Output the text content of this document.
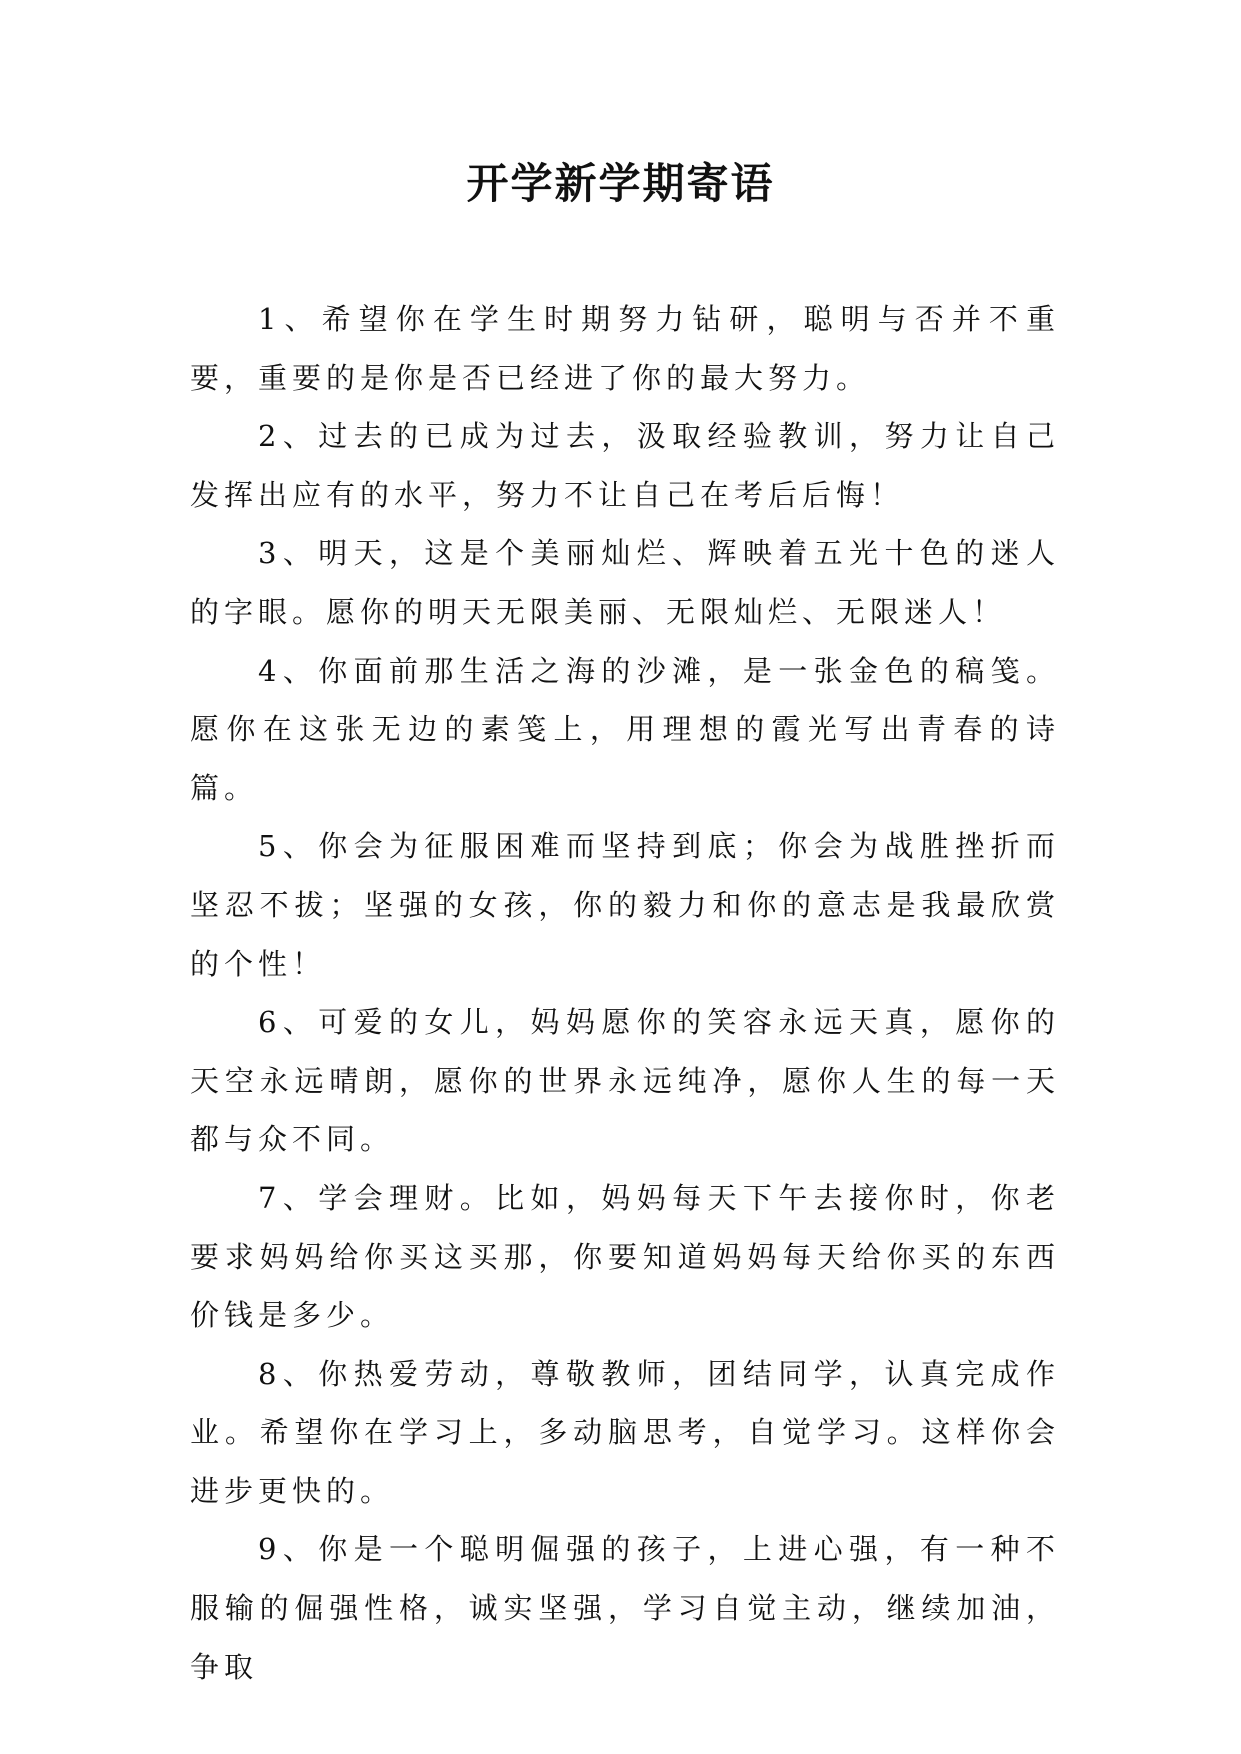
开学新学期寄语

1、希望你在学生时期努力钻研，聪明与否并不重要，重要的是你是否已经进了你的最大努力。

2、过去的已成为过去，汲取经验教训，努力让自己发挥出应有的水平，努力不让自己在考后后悔！

3、明天，这是个美丽灿烂、辉映着五光十色的迷人的字眼。愿你的明天无限美丽、无限灿烂、无限迷人！

4、你面前那生活之海的沙滩，是一张金色的稿笺。愿你在这张无边的素笺上，用理想的霞光写出青春的诗篇。

5、你会为征服困难而坚持到底；你会为战胜挫折而坚忍不拔；坚强的女孩，你的毅力和你的意志是我最欣赏的个性！

6、可爱的女儿，妈妈愿你的笑容永远天真，愿你的天空永远晴朗，愿你的世界永远纯净，愿你人生的每一天都与众不同。

7、学会理财。比如，妈妈每天下午去接你时，你老要求妈妈给你买这买那，你要知道妈妈每天给你买的东西价钱是多少。

8、你热爱劳动，尊敬教师，团结同学，认真完成作业。希望你在学习上，多动脑思考，自觉学习。这样你会进步更快的。

9、你是一个聪明倔强的孩子，上进心强，有一种不服输的倔强性格，诚实坚强，学习自觉主动，继续加油，争取
